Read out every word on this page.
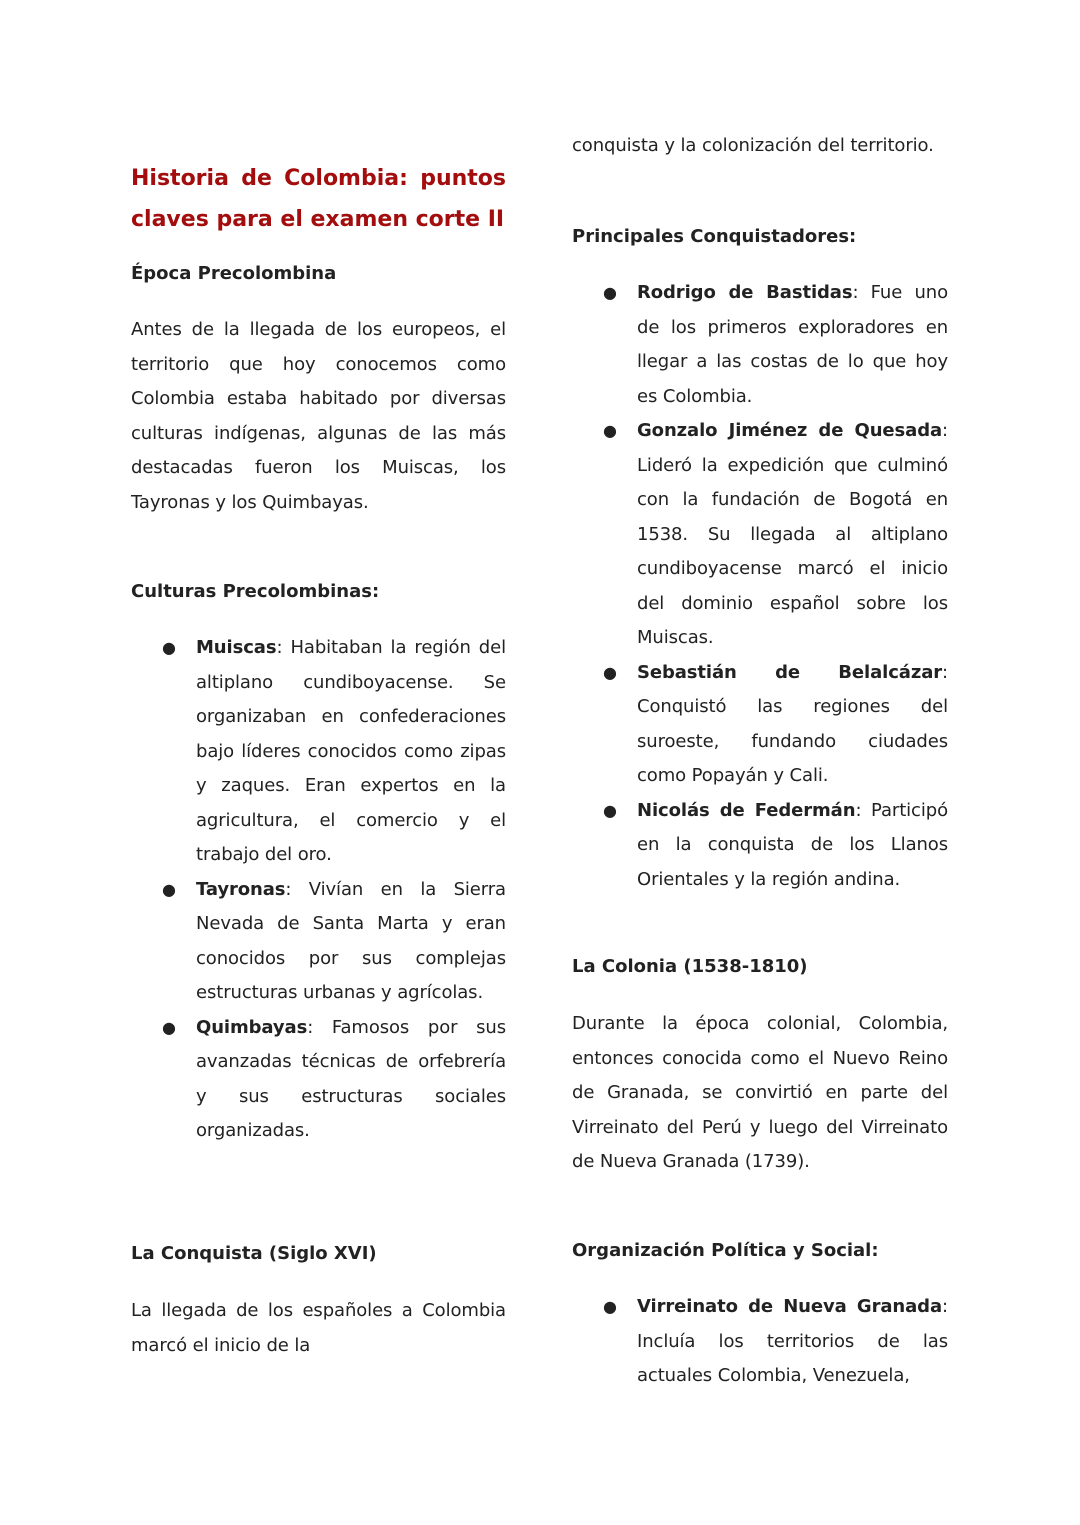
Historia de Colombia: puntos claves para el examen corte II
Época Precolombina

Antes de la llegada de los europeos, el territorio que hoy conocemos como Colombia estaba habitado por diversas culturas indígenas, algunas de las más destacadas fueron los Muiscas, los Tayronas y los Quimbayas.

Culturas Precolombinas:
●	Muiscas: Habitaban la región del altiplano cundiboyacense. Se organizaban en confederaciones bajo líderes conocidos como zipas y zaques. Eran expertos en la agricultura, el comercio y el trabajo del oro.
●	Tayronas: Vivían en la Sierra Nevada de Santa Marta y eran conocidos por sus complejas estructuras urbanas y agrícolas.
●	Quimbayas: Famosos por sus avanzadas técnicas de orfebrería y sus estructuras sociales organizadas.
La Conquista (Siglo XVI)

La llegada de los españoles a Colombia marcó el inicio de la

conquista y la colonización del territorio.

Principales Conquistadores:
●	Rodrigo de Bastidas: Fue uno de los primeros exploradores en llegar a las costas de lo que hoy es Colombia.
●	Gonzalo Jiménez de Quesada: Lideró la expedición que culminó con la fundación de Bogotá en 1538. Su llegada al altiplano cundiboyacense marcó el inicio del dominio español sobre los Muiscas.
●	Sebastián de Belalcázar: Conquistó las regiones del suroeste, fundando ciudades como Popayán y Cali.
●	Nicolás de Federmán: Participó en la conquista de los Llanos Orientales y la región andina.
La Colonia (1538-1810)

Durante la época colonial, Colombia, entonces conocida como el Nuevo Reino de Granada, se convirtió en parte del Virreinato del Perú y luego del Virreinato de Nueva Granada (1739).

Organización Política y Social:
●	Virreinato de Nueva Granada: Incluía los territorios de las actuales Colombia, Venezuela,
